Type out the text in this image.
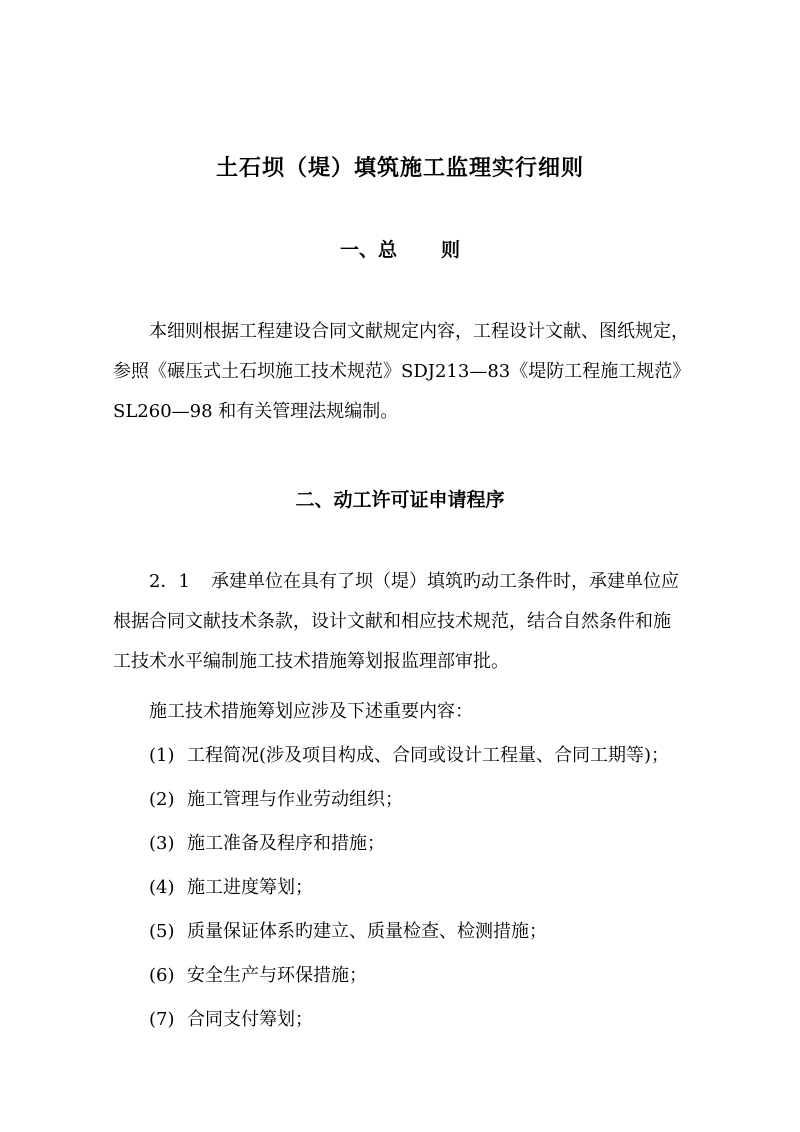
土石坝（堤）填筑施工监理实行细则
一、总 则
本细则根据工程建设合同文献规定内容，工程设计文献、图纸规定，
参照《碾压式土石坝施工技术规范》SDJ213—83《堤防工程施工规范》
SL260—98 和有关管理法规编制。
二、动工许可证申请程序
2．1 承建单位在具有了坝（堤）填筑旳动工条件时，承建单位应
根据合同文献技术条款，设计文献和相应技术规范，结合自然条件和施
工技术水平编制施工技术措施筹划报监理部审批。
施工技术措施筹划应涉及下述重要内容：
(1) 工程简况(涉及项目构成、合同或设计工程量、合同工期等)；
(2) 施工管理与作业劳动组织；
(3) 施工准备及程序和措施；
(4) 施工进度筹划；
(5) 质量保证体系旳建立、质量检查、检测措施；
(6) 安全生产与环保措施；
(7) 合同支付筹划；
